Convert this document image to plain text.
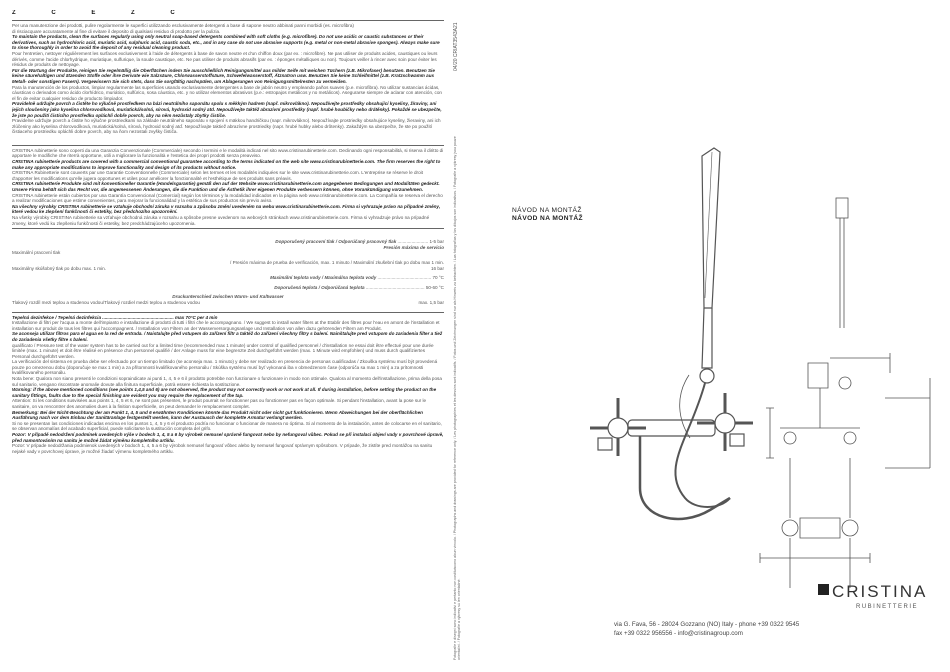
Z	Č	E	Z	Č

Per una manutenzione dei prodotti, pulire regolarmente le superfici utilizzando esclusivamente detergenti a base di sapone neutro abbinati panni morbidi (es. microfibra)

di risciacquare accuratamente al fine di evitare il deposito di qualsiasi residuo di prodotto per la pulizia.

To maintain the products, clean the surfaces regularly using only neutral soap-based detergents combined with soft cloths (e.g. microfibre). Do not use acidic or caustic substances or their derivatives, such as hydrochloric acid, muriatic acid, sulphuric acid, caustic soda, etc., and in any case do not use abrasive supports (e.g. metal or non-metal abrasive sponges). Always make sure to rinse thoroughly in order to avoid the deposit of any residual cleaning product.

Pour l'entretien, nettoyer régulièrement les surfaces exclusivement à l'aide de détergents à base de savon neutre et d'un chiffon doux (par ex. : microfibre). Ne pas utiliser de produits acides, caustiques ou leurs dérivés, comme l'acide chlorhydrique, muriatique, sulfurique, la soude caustique, etc. Ne pas utiliser de produits abrasifs (par ex. : éponges métalliques ou non). Toujours veiller à rincer avec soin pour éviter les résidus de produits de nettoyage.

Für die Wartung der Produkte, reinigen Sie regelmäßig die Oberflächen indem Sie ausschließlich Reinigungsmittel aus milder Seife mit weichen Tüchern (z.B. Mikrofaser) benutzen. Benutzen Sie keine säurehaltigen und ätzenden Stoffe oder ihre Derivate wie Salzsäure, Chlorwasserstoffsäure, Schwefelwasserstoff, Ätznatron usw. Benutzen Sie keine Schleifmittel (z.B. Kratzschwamm aus Metall- oder sonstigen Fasern). Vergewissern Sie sich stets, dass Sie sorgfältig nachspülen, um Ablagerungen von Reinigungsmittelresten zu vermeiden.

Para la manutención de los productos, limpiar regularmente las superficies usando exclusivamente detergentes a base de jabón neutro y empleando paños suaves (p.e. microfibra). No utilizar sustancias ácidas, cáusticas o derivados como ácido clorhídrico, muriático, sulfúrico, sosa cáustica, etc. y no utilizar elementos abrasivos (p.e.: estropajos metálicos y no metálicos). Asegurarse siempre de aclarar con atención, con el fin de evitar cualquier residuo de producto limpiador.

Pravidelně udržujte povrch a čistěte ho výlučně prostředkem na bázi neutrálního saponátu spolu s měkkým hadrem (např. mikrovlákno). Nepoužívejte prostředky obsahující kyseliny, žíraviny, ani jejich sloučeniny jako kyselina chlorovodíková, muriatická/solná, sírová, hydroxid sodný atd. Nepoužívejte taktéž abrazivní prostředky (např. hrubé houbičky nebo drátěnky). Pokaždé se ubezpečte, že jste po použití čisticího prostředku opláchli dobře povrch, aby na něm nezůstaly zbytky čističe.

Pravidelne udržujte povrch a čistite ho výlučne prostriedkami na základe neutrálneho saponátu v spojení s mäkkou handričkou (napr. mikrovlákno). Nepoužívajte prostriedky obsahujúce kyseliny, žieraviny, ani ich zlúčeniny ako kyselina chlorovodíková, muriatická/solná, sírová, hydroxid sodný atď. Nepoužívajte taktiež abrazívne prostriedky (napr. hrubé hubky alebo drôtenky). Zakaždým sa ubezpečte, že ste po použití čistiaceho prostriedku opláchli dobre povrch, aby na ňom nezostali zvyšky čističa.

CRISTINA rubinetterie sono coperti da una Garanzia Convenzionale (Commerciale) secondo i termini e le modalità indicati nel sito www.cristinarubinetterie.com. Declinando ogni responsabilità, si riserva il diritto di apportare le modifiche che riterrà opportune, utili a migliorare la funzionalità e l'estetica dei propri prodotti senza preavviso.

CRISTINA rubinetterie products are covered with a commercial conventional guarantee according to the terms indicated on the web site www.cristinarubinetterie.com. The firm reserves the right to make any appropriate modifications to improve functionality and design of its products without notice.

CRISTINA Rubinetterie sont couverts par une Garantie Conventionnelle (Commerciale) selon les termes et les modalités indiquées sur le site www.cristinarubinetterie.com. L'entreprise se réserve le droit d'apporter les modifications qu'elle jugera opportunes et utiles pour améliorer la fonctionnalité et l'esthétique de ses produits sans préavis.

CRISTINA rubinetterie Produkte sind mit konventioneller Garantie (Handelsgarantie) gemäß den auf der Website www.cristinarubinetterie.com angegebenen Bedingungen und Modalitäten gedeckt. Unsere Firma behält sich das Recht vor, die angemessenen Änderungen, die die Funktion und die Ästhetik ihrer eigenen Produkte verbessern können, ohne Vorankündigung vorzunehmen.

CRISTINA rubinetterie están cubiertos por una Garantía Convencional (Comercial) según los términos y la modalidad indicados en la página web www.cristinarubinetterie.com. La Compañía se reserva el derecho a realizar modificaciones que estime convenientes, para mejorar la funcionalidad y la estética de sus productos sin previo aviso.

Na všechny výrobky CRISTINA rubinetterie se vztahuje obchodní záruka v rozsahu a způsobu změní uvedeném na webu www.cristinarubinetterie.com. Firma si vyhrazuje právo na případné změny, které vedou ke zlepšení funkčnosti či estetiky, bez předchozího upozornění.

Na všetky výrobky CRISTINA rubinetterie sa vzťahuje obchodná záruka v rozsahu a spôsobe presne uvedenom na webových stránkach www.cristinarubinetterie.com. Firma si vyhradzuje právo na prípadné zmeny, ktoré vedú ku zlepšeniu funkčnosti či estetiky, bez predchádzajúceho upozornenia.

Dopporučený pracovní tlak / Odporúčaný pracovný tlak ........................ 1-5 bar
Presión máxima de servicio
Maximální pracovní tlak
/ Presión máxima de prueba de verificación, max. 1 minuto / Maximální zkušební tlak po dobu max 1 min.
Maximálny skúšobný tlak po dobu max. 1 min.	16 bar
Maximální teplota vody / Maximálna teplota vody .......................................... 70 °C
Doporučená teplota / Odporúčaná teplota .............................................. 50-60 °C
Druckunterschied zwischen Warm- und Kaltwasser
Tlakový rozdíl mezi teplou a studenou vodou/Tlakový rozdiel medzi teplou a studenou vodou	max. 1,5 bar

Tepelná dezinfekce / Tepelná dezinfekcia ........................................................ max 70°C per 4 min

Installazione di filtri per l'acqua a monte dell'impianto e installazione di prodotti di tutti i filtri che le accompagnano. / We suggest to install water filters at the Etablir des filtres pour l'eau en amont de l'installation et installation sur produit de tous les filtres qui l'accompagnent. / Installation von Filtern an der Wasserversorgungsanlage und Installation von allen dazu gehörenden Filtern am Produkt.

Se aconseja utilizar filtros para el agua en la red de entrada. / Naistalujte před vstupem do zařízení filtr a taktéž do zařízení všechny filtry s balení. Nainštalujte pred vstupom do zariadenia filter a tiež do zariadenia všetky filtre s balení.

qualificato / Pressure test of the water system has to be carried out for a limited time (recommended max 1 minute) under control of qualified personnel / d'installation ne essai doit être effectué pour une durée limitée (max. 1 minute) et doit être réalisé en présence d'un personnel qualifié / der Anlage muss für eine begrenzte Zeit durchgeführt werden (max. 1 Minute wird empfohlen) und muss durch qualifiziertes Personal durchgeführt werden.

La verificación del sistema en prueba debe ser efectuado por un tiempo limitado (se aconseja max. 1 minuto) y debe ser realizado en presencia de personas cualificadas / Zkouška systému musí být provedená pouze po omezenou dobu (doporučuje se max 1 min) a za přítomnosti kvalifikovaného personálu / Skúška systému musí byť vykonaná iba v obmedzenom čase (odporúča sa max 1 min) a za prítomnosti kvalifikovaného personálu.

Nota bene: Qualora non siano presenti le condizioni sopraindicate ai punti 1, 4, 5 e 6 il prodotto potrebbe non funzionare o funzionare in modo non ottimale. Qualora al momento dell'installazione, prima della posa sul sanitario, vengano riscontrate anomalie dovute alla finitura superficiale, potrà essere richiesta la sostituzione.

Warning: if the above mentioned conditions (see points 1,4,5 and 6) are not observed, the product may not correctly work or not work at all. If during installation, before setting the product on the sanitary fittings, faults due to the special finishing are evident you may require the replacement of the tap.

Attention: Si les conditions susvisées aux points 1, 4, 5 et 6, ne sont pas présentes, le produit pourrait ne fonctionner pas ou fonctionner pas en façon optimale. Si pendant l'installation, avant la pose sur le sanitaire, on va rencontrer des anomalies dues à la finition superficielle, on peut demander le remplacement complet.

Bemerkung: Bei der Nicht-Beachtung der am Punkt 1, 4, 5 und 6 erwähnten Konditionen könnte das Produkt nicht oder nicht gut funktionieren. Wenn Abweichungen bei der oberflächlichen Ausführung nach vor dem Einbau der Sanitäranlage festgestellt werden, kann der Austausch der komplette Armatur verlangt werden.

Si no se presentan las condiciones indicadas encima en los puntos 1, 4, 5 y 6 el producto podría no funcionar o funcionar de manera no óptima. Si al momento de la instalación, antes de colocarse en el sanitario, se observan anomalías del acabado superficial, puede solicitarse la sustitución completa del grifo.

Pozor: V případě nedodržení podmínek uvedených výše v bodech 1, 4, 5 a 6 by výrobek nemusel správně fungovat nebo by nefungoval vůbec. Pokud se při instalaci objeví vady v povrchové úpravě, před namontováním na sanitu je možné žádat výměnu kompletního artiklu.

Pozor: V prípade nedodržania podmienok uvedených v bodoch 1, 4, 5 a 6 by výrobok nemusel fungovať vôbec alebo by nemusel fungovať správnym spôsobom. V prípade, že zistíte pred montážou na sanitu nejaké vady v povrchovej úprave, je možné žiadať výmenu kompletného artiklu.

04/20 CRIAT3543A21
Fotografie e disegni sono indicativi e pertanto non costituiscono alcun vincolo. / Photographs and drawings are provided for reference only. / Les photographies et les dessins sont indicatifs. / Fotos und Zeichnungen sind nur als Hinweis zu betrachten. / Las fotografías y los dibujos son indicativos. / Fotografie a výkresy jsou pouze orientační. / Fotografie a výkresy sú len orientačné.
NÁVOD NA MONTÁŽ
NÁVOD NA MONTÁŽ
CRISTINA
RUBINETTERIE
via G. Fava, 56 - 28024 Gozzano (NO) Italy - phone +39 0322 9545
fax +39 0322 956556 - info@cristinagroup.com
